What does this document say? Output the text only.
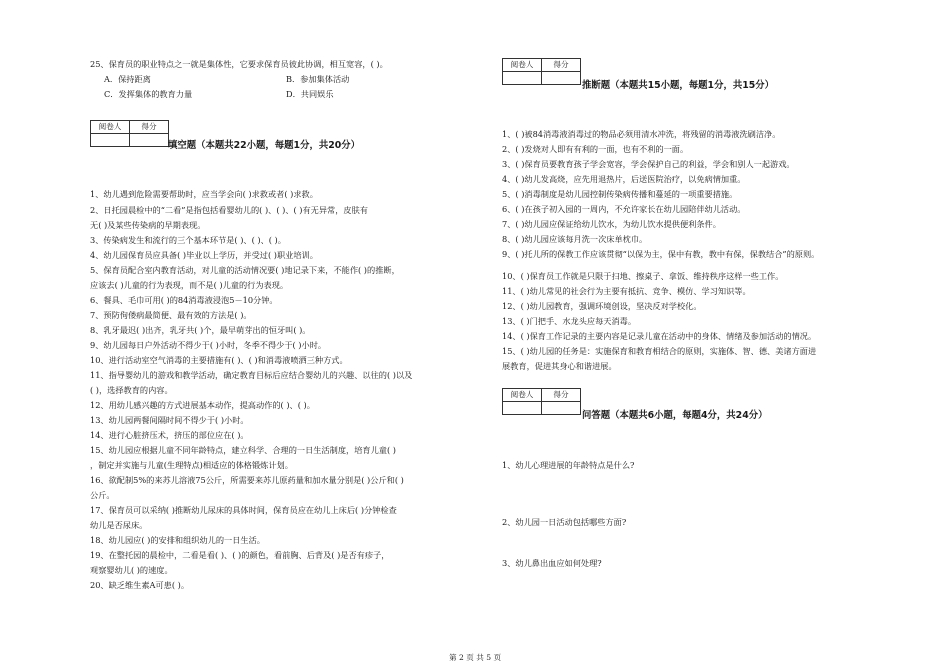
25、保育员的职业特点之一就是集体性，它要求保育员彼此协调，相互宽容，( )。
A．保持距离	B．参加集体活动
C．发挥集体的教育力量	D．共同娱乐
阅卷人	得分

填空题（本题共22小题，每题1分，共20分）
1、幼儿遇到危险需要帮助时，应当学会向( )求救或者( )求救。
2、日托园晨检中的“二看”是指包括看婴幼儿的( )、( )、( )有无异常，皮肤有
无( )及某些传染病的早期表现。
3、传染病发生和流行的三个基本环节是( )、( )、( )。
4、幼儿园保育员应具备( )毕业以上学历，并受过( )职业培训。
5、保育员配合室内教育活动，对儿童的活动情况要( )地记录下来，不能作( )的推断，
应该去( )儿童的行为表现，而不是( )儿童的行为表现。
6、餐具、毛巾可用( )的84消毒液浸泡5－10分钟。
7、预防佝偻病最简便、最有效的方法是( )。
8、乳牙最迟( )出齐，乳牙共( )个，最早萌芽出的恒牙叫( )。
9、幼儿园每日户外活动不得少于( )小时，冬季不得少于( )小时。
10、进行活动室空气消毒的主要措施有( )、( )和消毒液喷洒三种方式。
11、指导婴幼儿的游戏和教学活动，确定教育目标后应结合婴幼儿的兴趣、以往的( )以及
( )，选择教育的内容。
12、用幼儿感兴趣的方式进展基本动作，提高动作的( )、( )。
13、幼儿园两餐间隔时间不得少于( )小时。
14、进行心脏挤压术，挤压的部位应在( )。
15、幼儿园应根据儿童不同年龄特点，建立科学、合理的一日生活制度，培育儿童( )
，制定并实施与儿童(生理特点)相适应的体格锻炼计划。
16、欲配制5%的来苏儿溶液75公斤，所需要来苏儿原药量和加水量分别是( )公斤和( )
公斤。
17、保育员可以采纳( )推断幼儿尿床的具体时间，保育员应在幼儿上床后( )分钟检查
幼儿是否尿床。
18、幼儿园应( )的安排和组织幼儿的一日生活。
19、在整托园的晨检中，二看是看( )、( )的颜色，看前胸、后背及( )是否有疹子，
观察婴幼儿( )的速度。
20、缺乏维生素A可患( )。
阅卷人	得分

推断题（本题共15小题，每题1分，共15分）
1、( )被84消毒液消毒过的物品必须用清水冲洗，将残留的消毒液洗刷洁净。
2、( )发烧对人即有有利的一面，也有不利的一面。
3、( )保育员要教育孩子学会宽容，学会保护自己的利益，学会和别人一起游戏。
4、( )幼儿发高烧，应先用退热片，后送医院治疗，以免病情加重。
5、( )消毒制度是幼儿园控制传染病传播和蔓延的一项重要措施。
6、( )在孩子初入园的一周内，不允许家长在幼儿园陪伴幼儿活动。
7、( )幼儿园应保证给幼儿饮水，为幼儿饮水提供便利条件。
8、( )幼儿园应该每月洗一次床单枕巾。
9、( )托儿所的保教工作应该贯彻“以保为主，保中有教，教中有保，保教结合”的原则。
10、( )保育员工作就是只限于扫地、擦桌子、拿饭、维持秩序这样一些工作。
11、( )幼儿常见的社会行为主要有抵抗、竞争、模仿、学习知识等。
12、( )幼儿园教育，强调环境创设，坚决反对学校化。
13、( )门把手、水龙头应每天消毒。
14、( )保育工作记录的主要内容是记录儿童在活动中的身体、情绪及参加活动的情况。
15、( )幼儿园的任务是：实施保育和教育相结合的原则，实施体、智、德、美诸方面进
展教育，促进其身心和谐进展。
阅卷人	得分

问答题（本题共6小题，每题4分，共24分）
1、幼儿心理进展的年龄特点是什么?
2、幼儿园一日活动包括哪些方面?
3、幼儿鼻出血应如何处理?
第 2 页 共 5 页
